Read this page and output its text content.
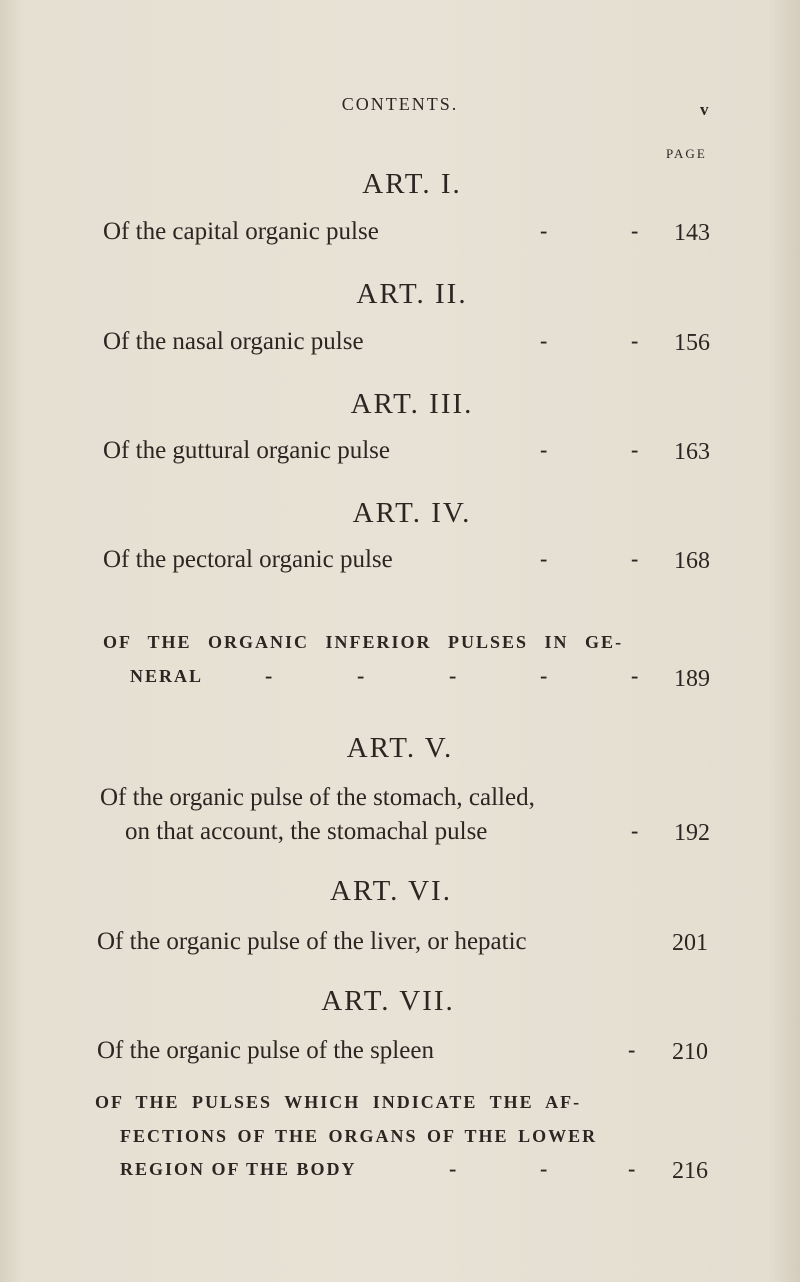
CONTENTS.	v
PAGE
ART. I.
Of the capital organic pulse	-	-	143
ART. II.
Of the nasal organic pulse	-	-	156
ART. III.
Of the guttural organic pulse	-	-	163
ART. IV.
Of the pectoral organic pulse	-	-	168
OF THE ORGANIC INFERIOR PULSES IN GE-
NERAL	-	-	-	-	-	189
ART. V.
Of the organic pulse of the stomach, called,
on that account, the stomachal pulse	-	192
ART. VI.
Of the organic pulse of the liver, or hepatic	201
ART. VII.
Of the organic pulse of the spleen	-	210
OF THE PULSES WHICH INDICATE THE AF-
FECTIONS OF THE ORGANS OF THE LOWER
REGION OF THE BODY	-	-	-	216
